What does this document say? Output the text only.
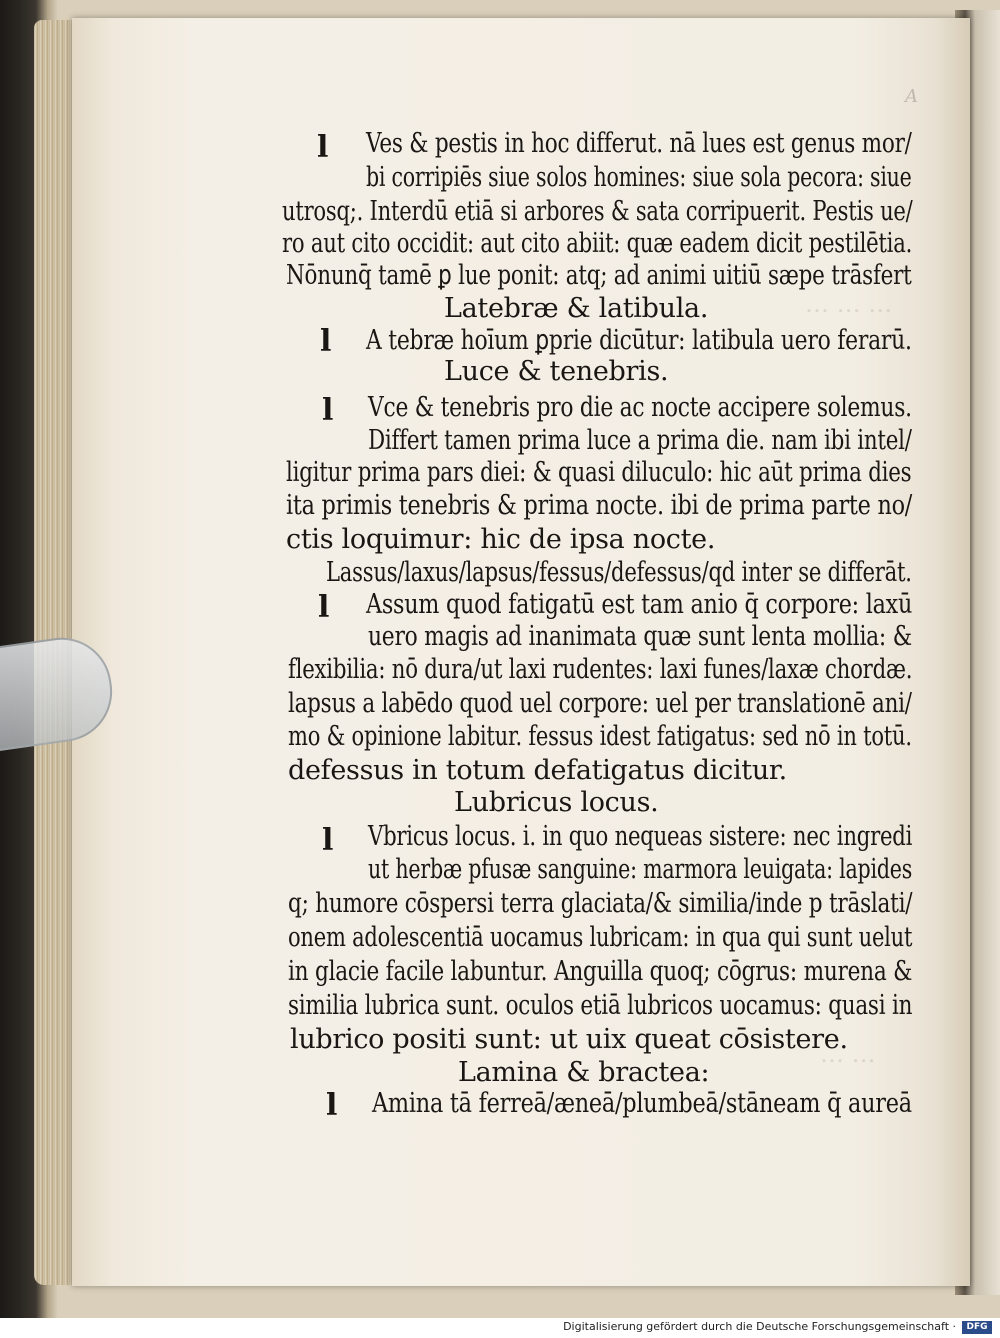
… … …
… …
A
l
l
l
l
l
l
Ves & pestis in hoc differut. nā lues est genus mor/
bi corripiēs siue solos homines: siue sola pecora: siue
utrosq;. Interdū etiā si arbores & sata corripuerit. Pestis ue/
ro aut cito occidit: aut cito abiit: quæ eadem dicit pestilētia.
Nōnunq̄ tamē ꝑ lue ponit: atq; ad animi uitiū sæpe trāsfert
Latebræ & latibula.
A tebræ hoīum ꝑprie dicūtur: latibula uero ferarū.
Luce & tenebris.
Vce & tenebris pro die ac nocte accipere solemus.
Differt tamen prima luce a prima die. nam ibi intel/
ligitur prima pars diei: & quasi diluculo: hic aūt prima dies
ita primis tenebris & prima nocte. ibi de prima parte no/
ctis loquimur: hic de ipsa nocte.
Lassus/laxus/lapsus/fessus/defessus/qd inter se differāt.
Assum quod fatigatū est tam anio q̄ corpore: laxū
uero magis ad inanimata quæ sunt lenta mollia: &
flexibilia: nō dura/ut laxi rudentes: laxi funes/laxæ chordæ.
lapsus a labēdo quod uel corpore: uel per translationē ani/
mo & opinione labitur. fessus idest fatigatus: sed nō in totū.
defessus in totum defatigatus dicitur.
Lubricus locus.
Vbricus locus. i. in quo nequeas sistere: nec ingredi
ut herbæ pfusæ sanguine: marmora leuigata: lapides
q; humore cōspersi terra glaciata/& similia/inde p trāslati/
onem adolescentiā uocamus lubricam: in qua qui sunt uelut
in glacie facile labuntur. Anguilla quoq; cōgrus: murena &
similia lubrica sunt. oculos etiā lubricos uocamus: quasi in
lubrico positi sunt: ut uix queat cōsistere.
Lamina & bractea:
Amina tā ferreā/æneā/plumbeā/stāneam q̄ aureā
Digitalisierung gefördert durch die Deutsche Forschungsgemeinschaft ·	DFG
